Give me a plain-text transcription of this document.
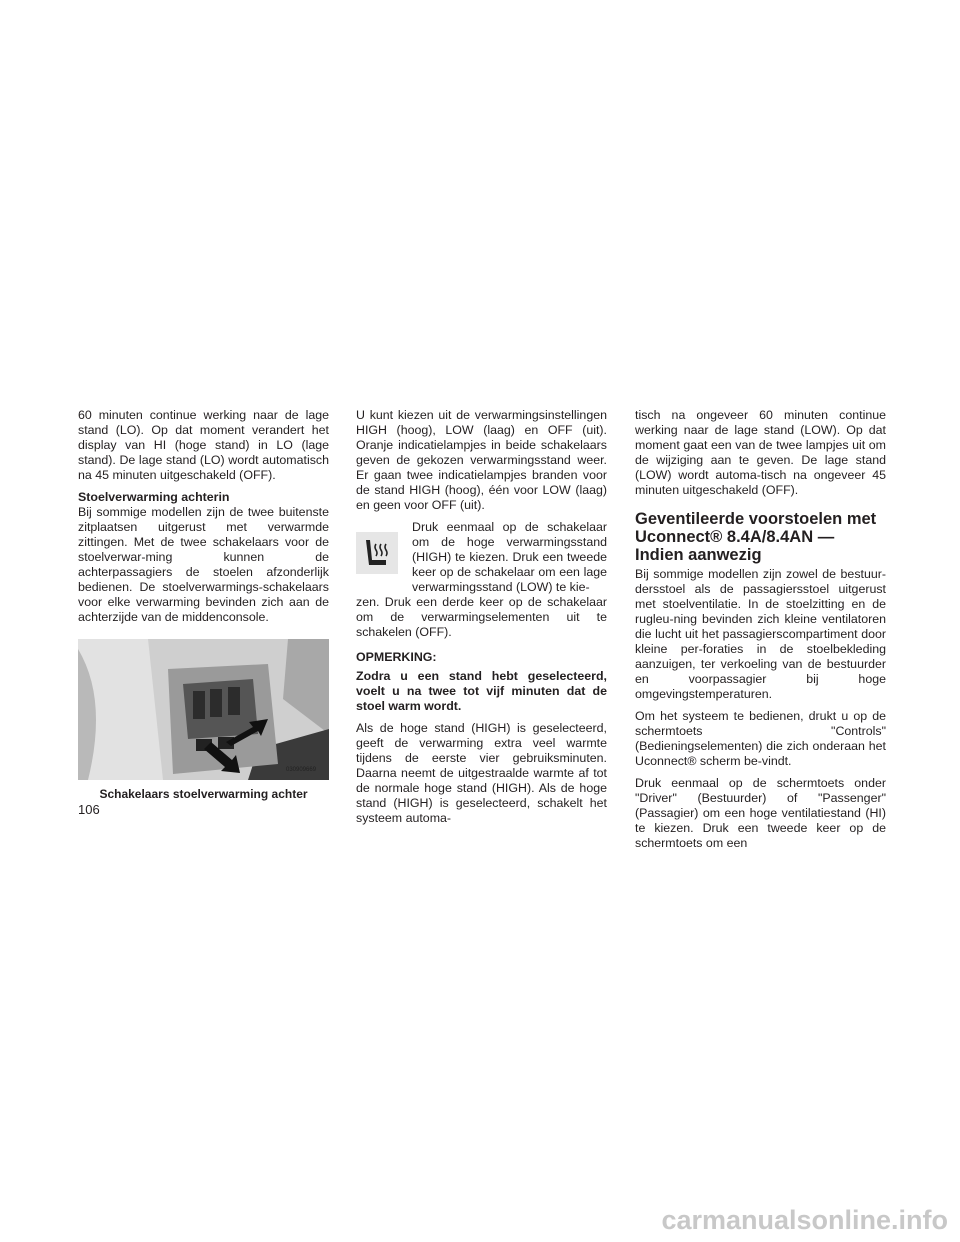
60 minuten continue werking naar de lage stand (LO). Op dat moment verandert het display van HI (hoge stand) in LO (lage stand). De lage stand (LO) wordt automatisch na 45 minuten uitgeschakeld (OFF).

Stoelverwarming achterin
Bij sommige modellen zijn de twee buitenste zitplaatsen uitgerust met verwarmde zittingen. Met de twee schakelaars voor de stoelverwar-ming kunnen de achterpassagiers de stoelen afzonderlijk bedienen. De stoelverwarmings-schakelaars voor elke verwarming bevinden zich aan de achterzijde van de middenconsole.

030909669
Schakelaars stoelverwarming achter

U kunt kiezen uit de verwarmingsinstellingen HIGH (hoog), LOW (laag) en OFF (uit). Oranje indicatielampjes in beide schakelaars geven de gekozen verwarmingsstand weer. Er gaan twee indicatielampjes branden voor de stand HIGH (hoog), één voor LOW (laag) en geen voor OFF (uit).

Druk eenmaal op de schakelaar om de hoge verwarmingsstand (HIGH) te kiezen. Druk een tweede keer op de schakelaar om een lage verwarmingsstand (LOW) te kie-

zen. Druk een derde keer op de schakelaar om de verwarmingselementen uit te schakelen (OFF).

OPMERKING:
Zodra u een stand hebt geselecteerd, voelt u na twee tot vijf minuten dat de stoel warm wordt.

Als de hoge stand (HIGH) is geselecteerd, geeft de verwarming extra veel warmte tijdens de eerste vier gebruiksminuten. Daarna neemt de uitgestraalde warmte af tot de normale hoge stand (HIGH). Als de hoge stand (HIGH) is geselecteerd, schakelt het systeem automa-

tisch na ongeveer 60 minuten continue werking naar de lage stand (LOW). Op dat moment gaat een van de twee lampjes uit om de wijziging aan te geven. De lage stand (LOW) wordt automa-tisch na ongeveer 45 minuten uitgeschakeld (OFF).

Geventileerde voorstoelen met Uconnect® 8.4A/8.4AN — Indien aanwezig

Bij sommige modellen zijn zowel de bestuur-dersstoel als de passagiersstoel uitgerust met stoelventilatie. In de stoelzitting en de rugleu-ning bevinden zich kleine ventilatoren die lucht uit het passagierscompartiment door kleine per-foraties in de stoelbekleding aanzuigen, ter verkoeling van de bestuurder en voorpassagier bij hoge omgevingstemperaturen.

Om het systeem te bedienen, drukt u op de schermtoets "Controls" (Bedieningselementen) die zich onderaan het Uconnect® scherm be-vindt.

Druk eenmaal op de schermtoets onder "Driver" (Bestuurder) of "Passenger" (Passagier) om een hoge ventilatiestand (HI) te kiezen. Druk een tweede keer op de schermtoets om een

106
carmanualsonline.info
